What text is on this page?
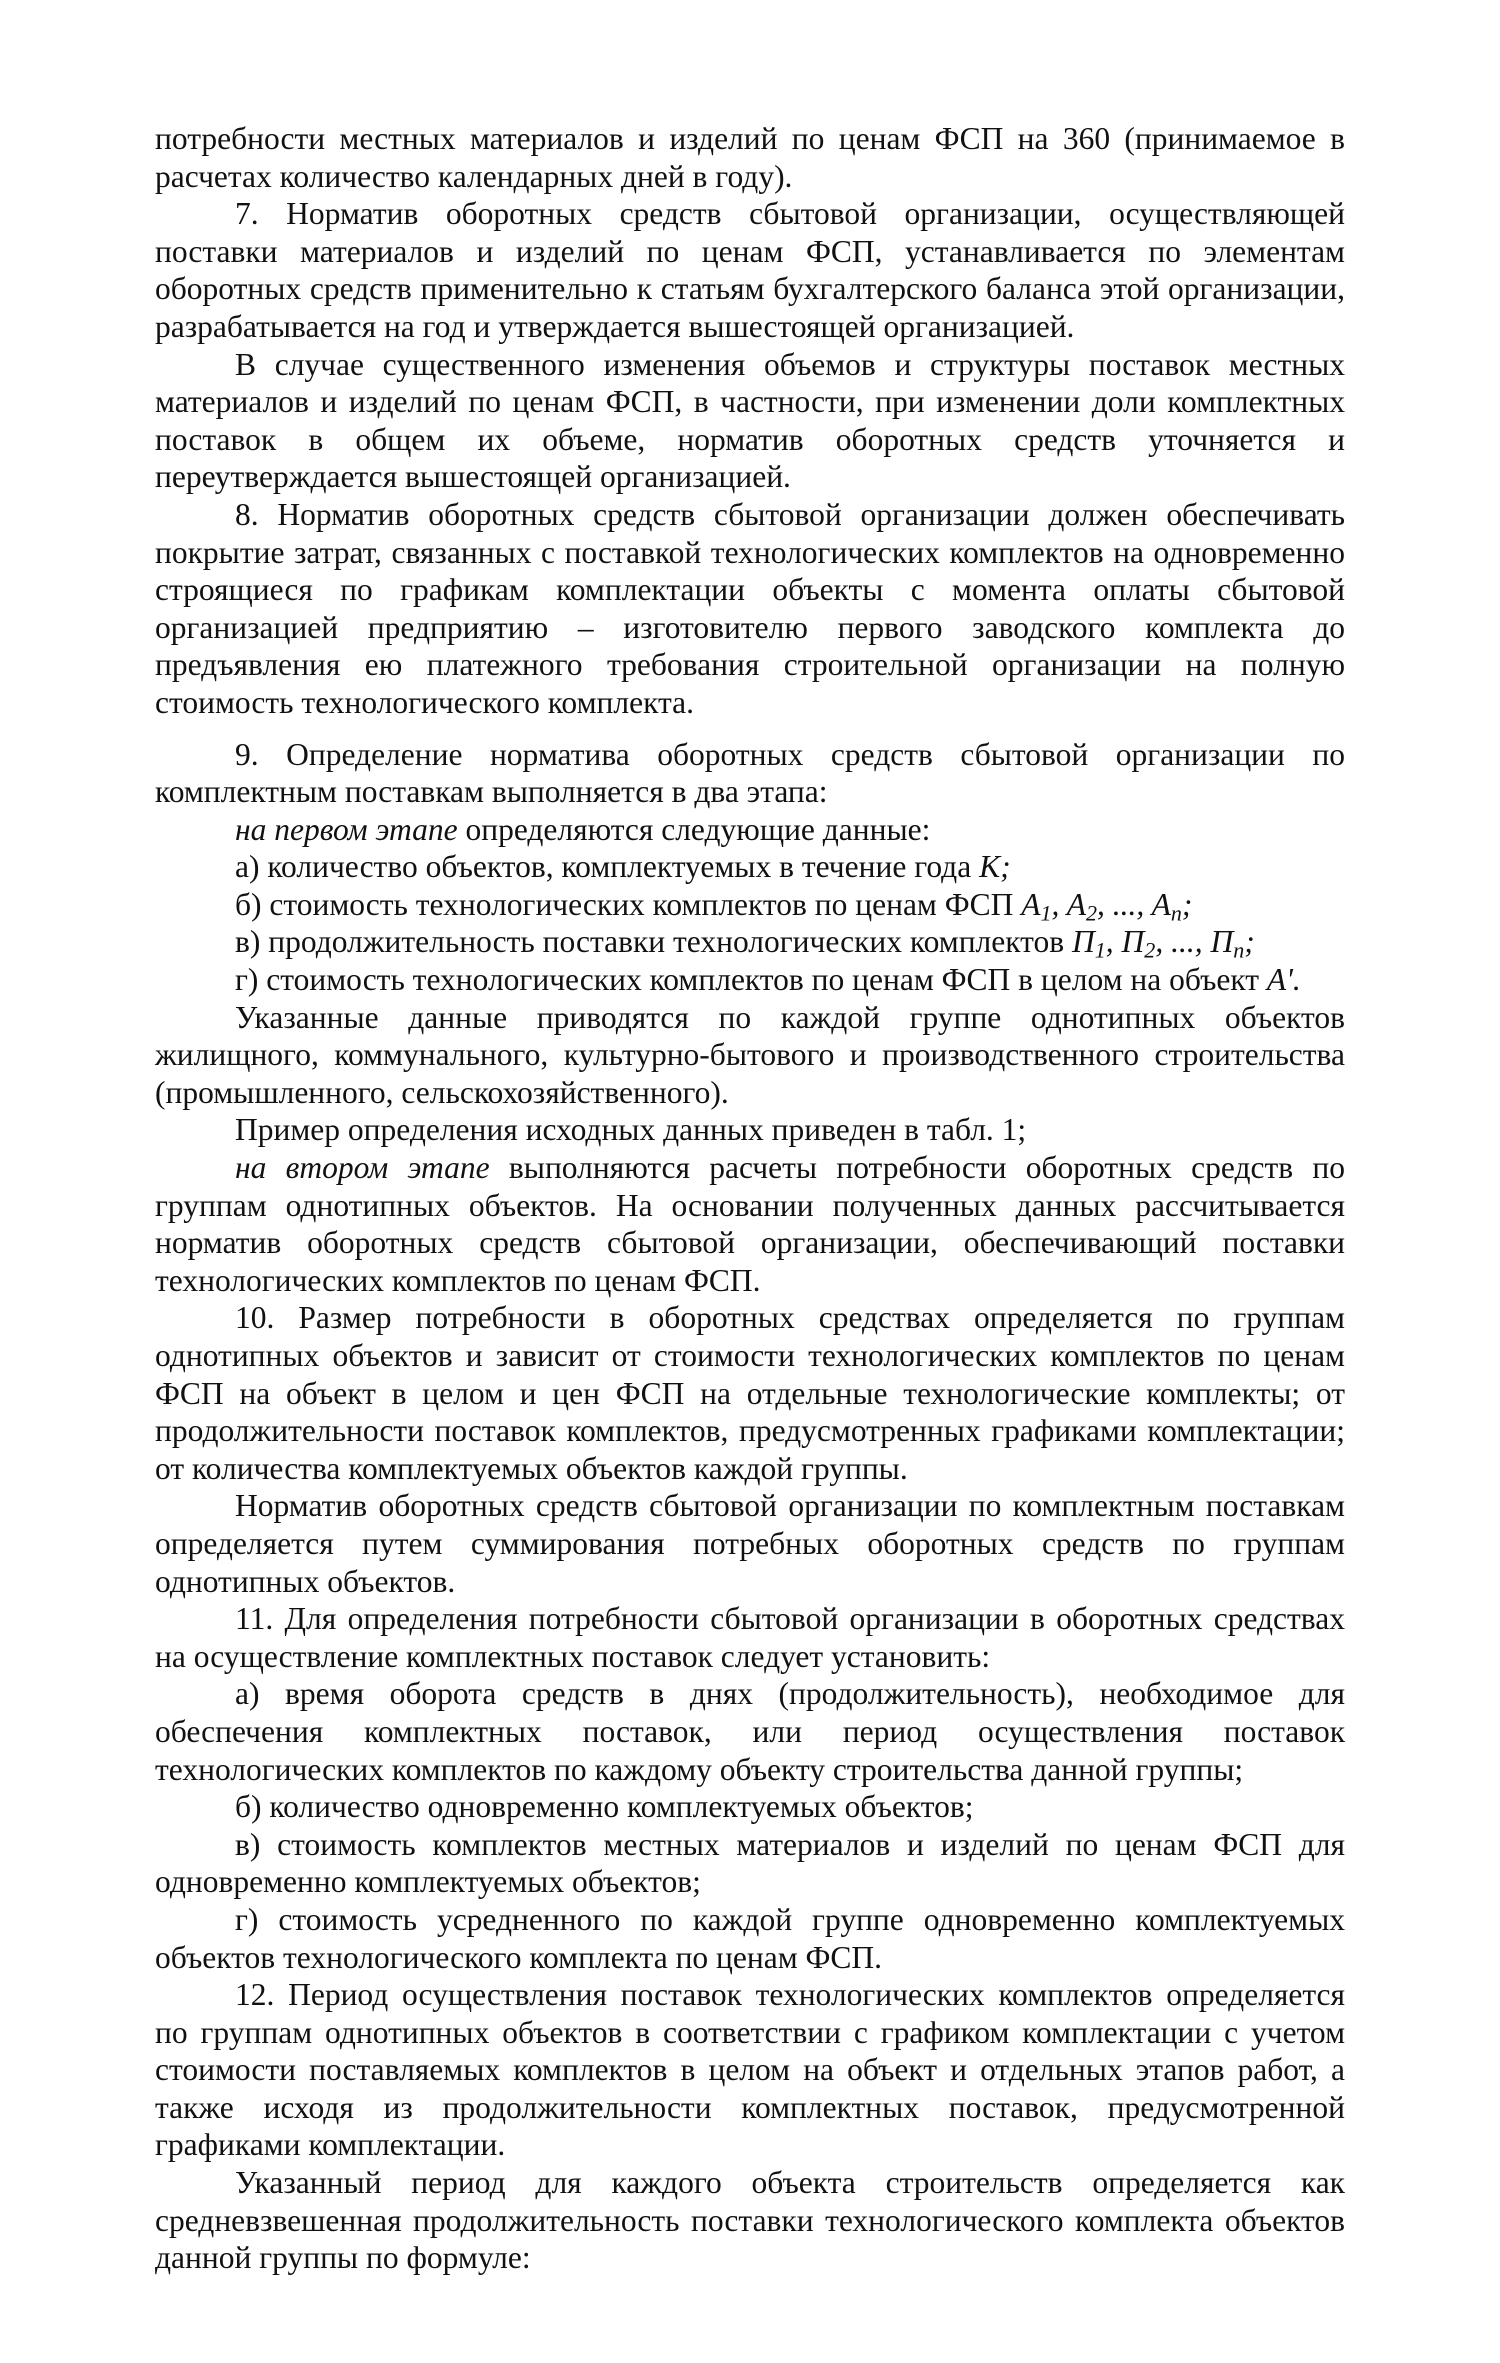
потребности местных материалов и изделий по ценам ФСП на 360 (принимаемое в расчетах количество календарных дней в году).

7. Норматив оборотных средств сбытовой организации, осуществляющей поставки материалов и изделий по ценам ФСП, устанавливается по элементам оборотных средств применительно к статьям бухгалтерского баланса этой организации, разрабатывается на год и утверждается вышестоящей организацией.

В случае существенного изменения объемов и структуры поставок местных материалов и изделий по ценам ФСП, в частности, при изменении доли комплектных поставок в общем их объеме, норматив оборотных средств уточняется и переутверждается вышестоящей организацией.

8. Норматив оборотных средств сбытовой организации должен обеспечивать покрытие затрат, связанных с поставкой технологических комплектов на одновременно строящиеся по графикам комплектации объекты с момента оплаты сбытовой организацией предприятию – изготовителю первого заводского комплекта до предъявления ею платежного требования строительной организации на полную стоимость технологического комплекта.

9. Определение норматива оборотных средств сбытовой организации по комплектным поставкам выполняется в два этапа:

на первом этапе определяются следующие данные:

а) количество объектов, комплектуемых в течение года K;

б) стоимость технологических комплектов по ценам ФСП $A_1$, $A_2$, ..., $A_n$;

в) продолжительность поставки технологических комплектов $П_1$, $П_2$, ..., $П_n$;

г) стоимость технологических комплектов по ценам ФСП в целом на объект A'.

Указанные данные приводятся по каждой группе однотипных объектов жилищного, коммунального, культурно-бытового и производственного строительства (промышленного, сельскохозяйственного).

Пример определения исходных данных приведен в табл. 1;

на втором этапе выполняются расчеты потребности оборотных средств по группам однотипных объектов. На основании полученных данных рассчитывается норматив оборотных средств сбытовой организации, обеспечивающий поставки технологических комплектов по ценам ФСП.

10. Размер потребности в оборотных средствах определяется по группам однотипных объектов и зависит от стоимости технологических комплектов по ценам ФСП на объект в целом и цен ФСП на отдельные технологические комплекты; от продолжительности поставок комплектов, предусмотренных графиками комплектации; от количества комплектуемых объектов каждой группы.

Норматив оборотных средств сбытовой организации по комплектным поставкам определяется путем суммирования потребных оборотных средств по группам однотипных объектов.

11. Для определения потребности сбытовой организации в оборотных средствах на осуществление комплектных поставок следует установить:

а) время оборота средств в днях (продолжительность), необходимое для обеспечения комплектных поставок, или период осуществления поставок технологических комплектов по каждому объекту строительства данной группы;

б) количество одновременно комплектуемых объектов;

в) стоимость комплектов местных материалов и изделий по ценам ФСП для одновременно комплектуемых объектов;

г) стоимость усредненного по каждой группе одновременно комплектуемых объектов технологического комплекта по ценам ФСП.

12. Период осуществления поставок технологических комплектов определяется по группам однотипных объектов в соответствии с графиком комплектации с учетом стоимости поставляемых комплектов в целом на объект и отдельных этапов работ, а также исходя из продолжительности комплектных поставок, предусмотренной графиками комплектации.

Указанный период для каждого объекта строительств определяется как средневзвешенная продолжительность поставки технологического комплекта объектов данной группы по формуле:
